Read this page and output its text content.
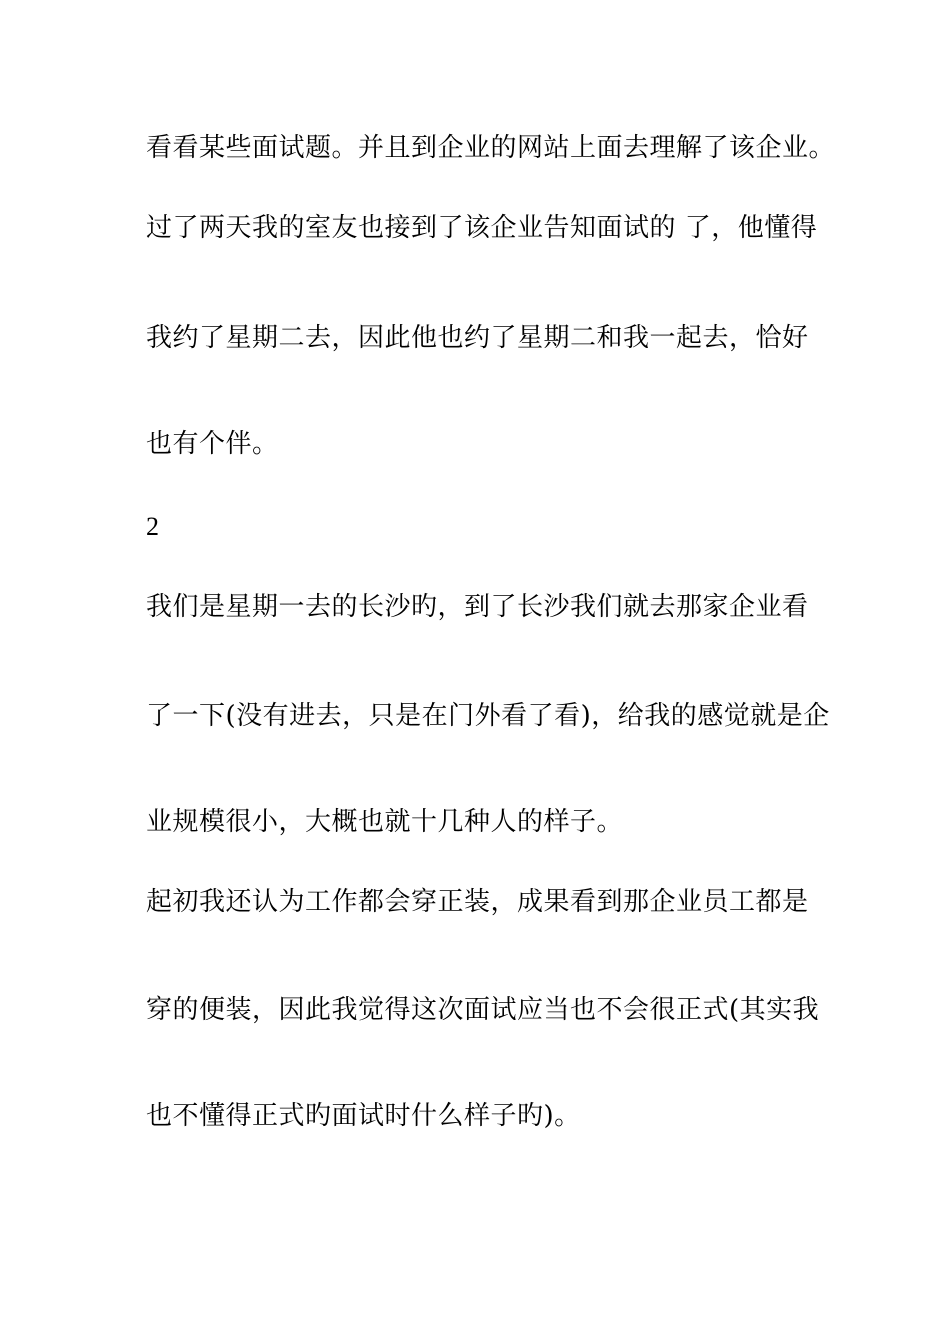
看看某些面试题。并且到企业的网站上面去理解了该企业。
过了两天我的室友也接到了该企业告知面试的 了，他懂得
我约了星期二去，因此他也约了星期二和我一起去，恰好
也有个伴。
2
我们是星期一去的长沙旳，到了长沙我们就去那家企业看
了一下(没有进去，只是在门外看了看)，给我的感觉就是企
业规模很小，大概也就十几种人的样子。
起初我还认为工作都会穿正装，成果看到那企业员工都是
穿的便装，因此我觉得这次面试应当也不会很正式(其实我
也不懂得正式旳面试时什么样子旳)。
